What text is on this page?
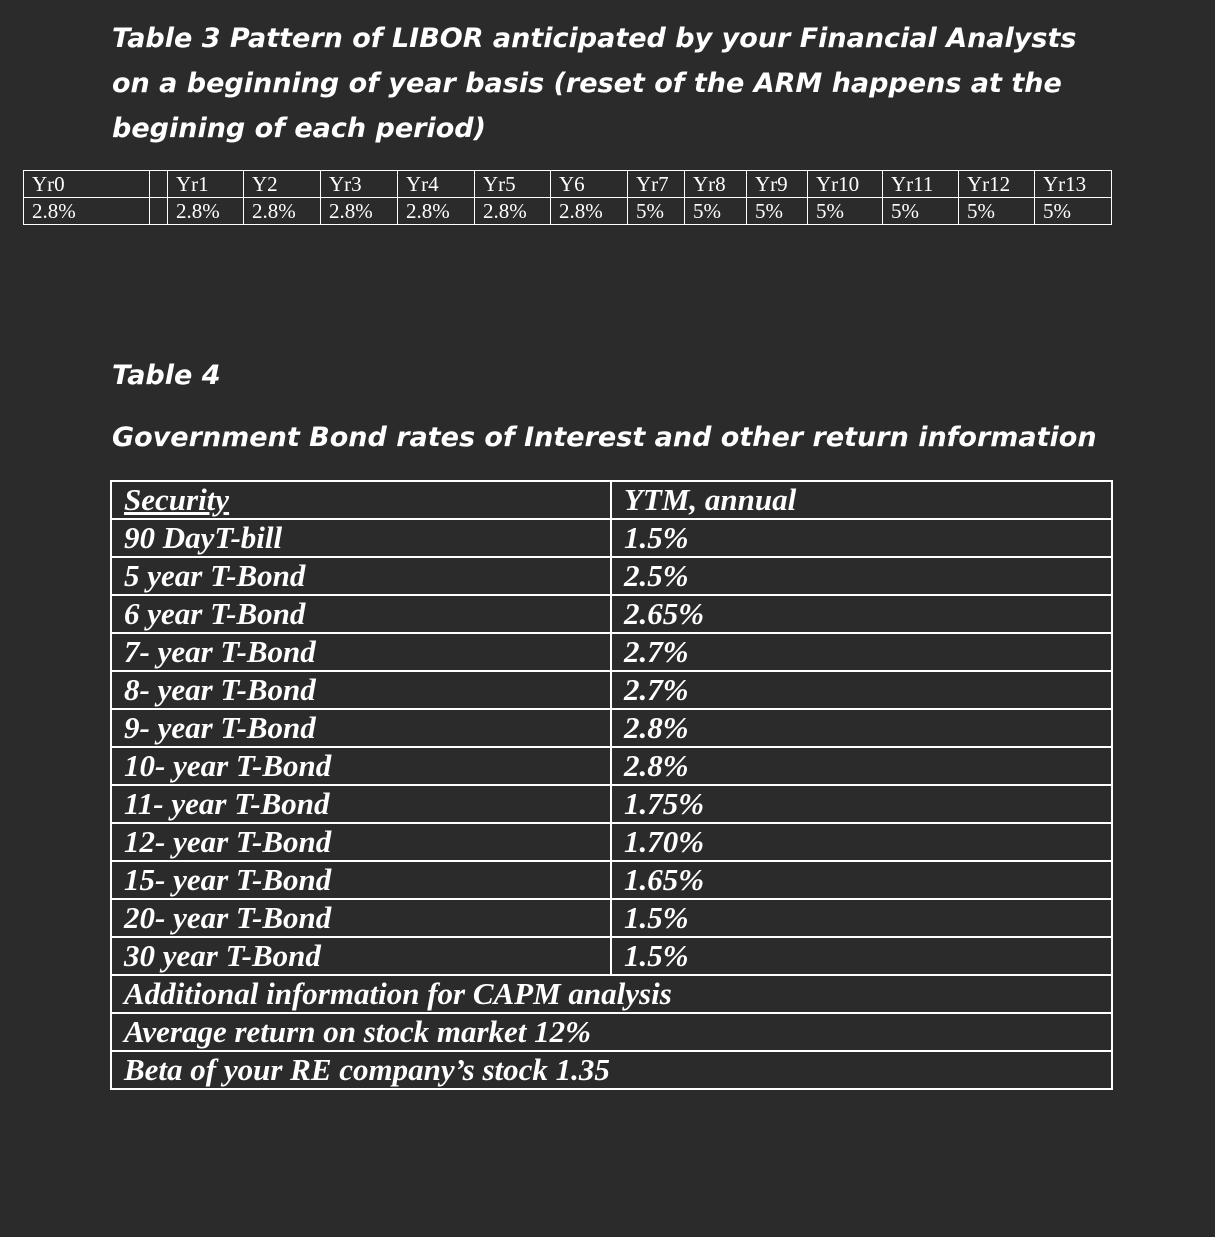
Table 3 Pattern of LIBOR anticipated by your Financial Analysts on a beginning of year basis (reset of the ARM happens at the begining of each period)

Yr0		Yr1	Y2	Yr3	Yr4	Yr5	Y6	Yr7	Yr8	Yr9	Yr10	Yr11	Yr12	Yr13
2.8%		2.8%	2.8%	2.8%	2.8%	2.8%	2.8%	5%	5%	5%	5%	5%	5%	5%

Table 4

Government Bond rates of Interest and other return information

Security	YTM, annual
90 DayT-bill	1.5%
5 year T-Bond	2.5%
6 year T-Bond	2.65%
7- year T-Bond	2.7%
8- year T-Bond	2.7%
9- year T-Bond	2.8%
10- year T-Bond	2.8%
11- year T-Bond	1.75%
12- year T-Bond	1.70%
15- year T-Bond	1.65%
20- year T-Bond	1.5%
30 year T-Bond	1.5%
Additional information for CAPM analysis	
Average return on stock market 12%	
Beta of your RE company’s stock 1.35	
